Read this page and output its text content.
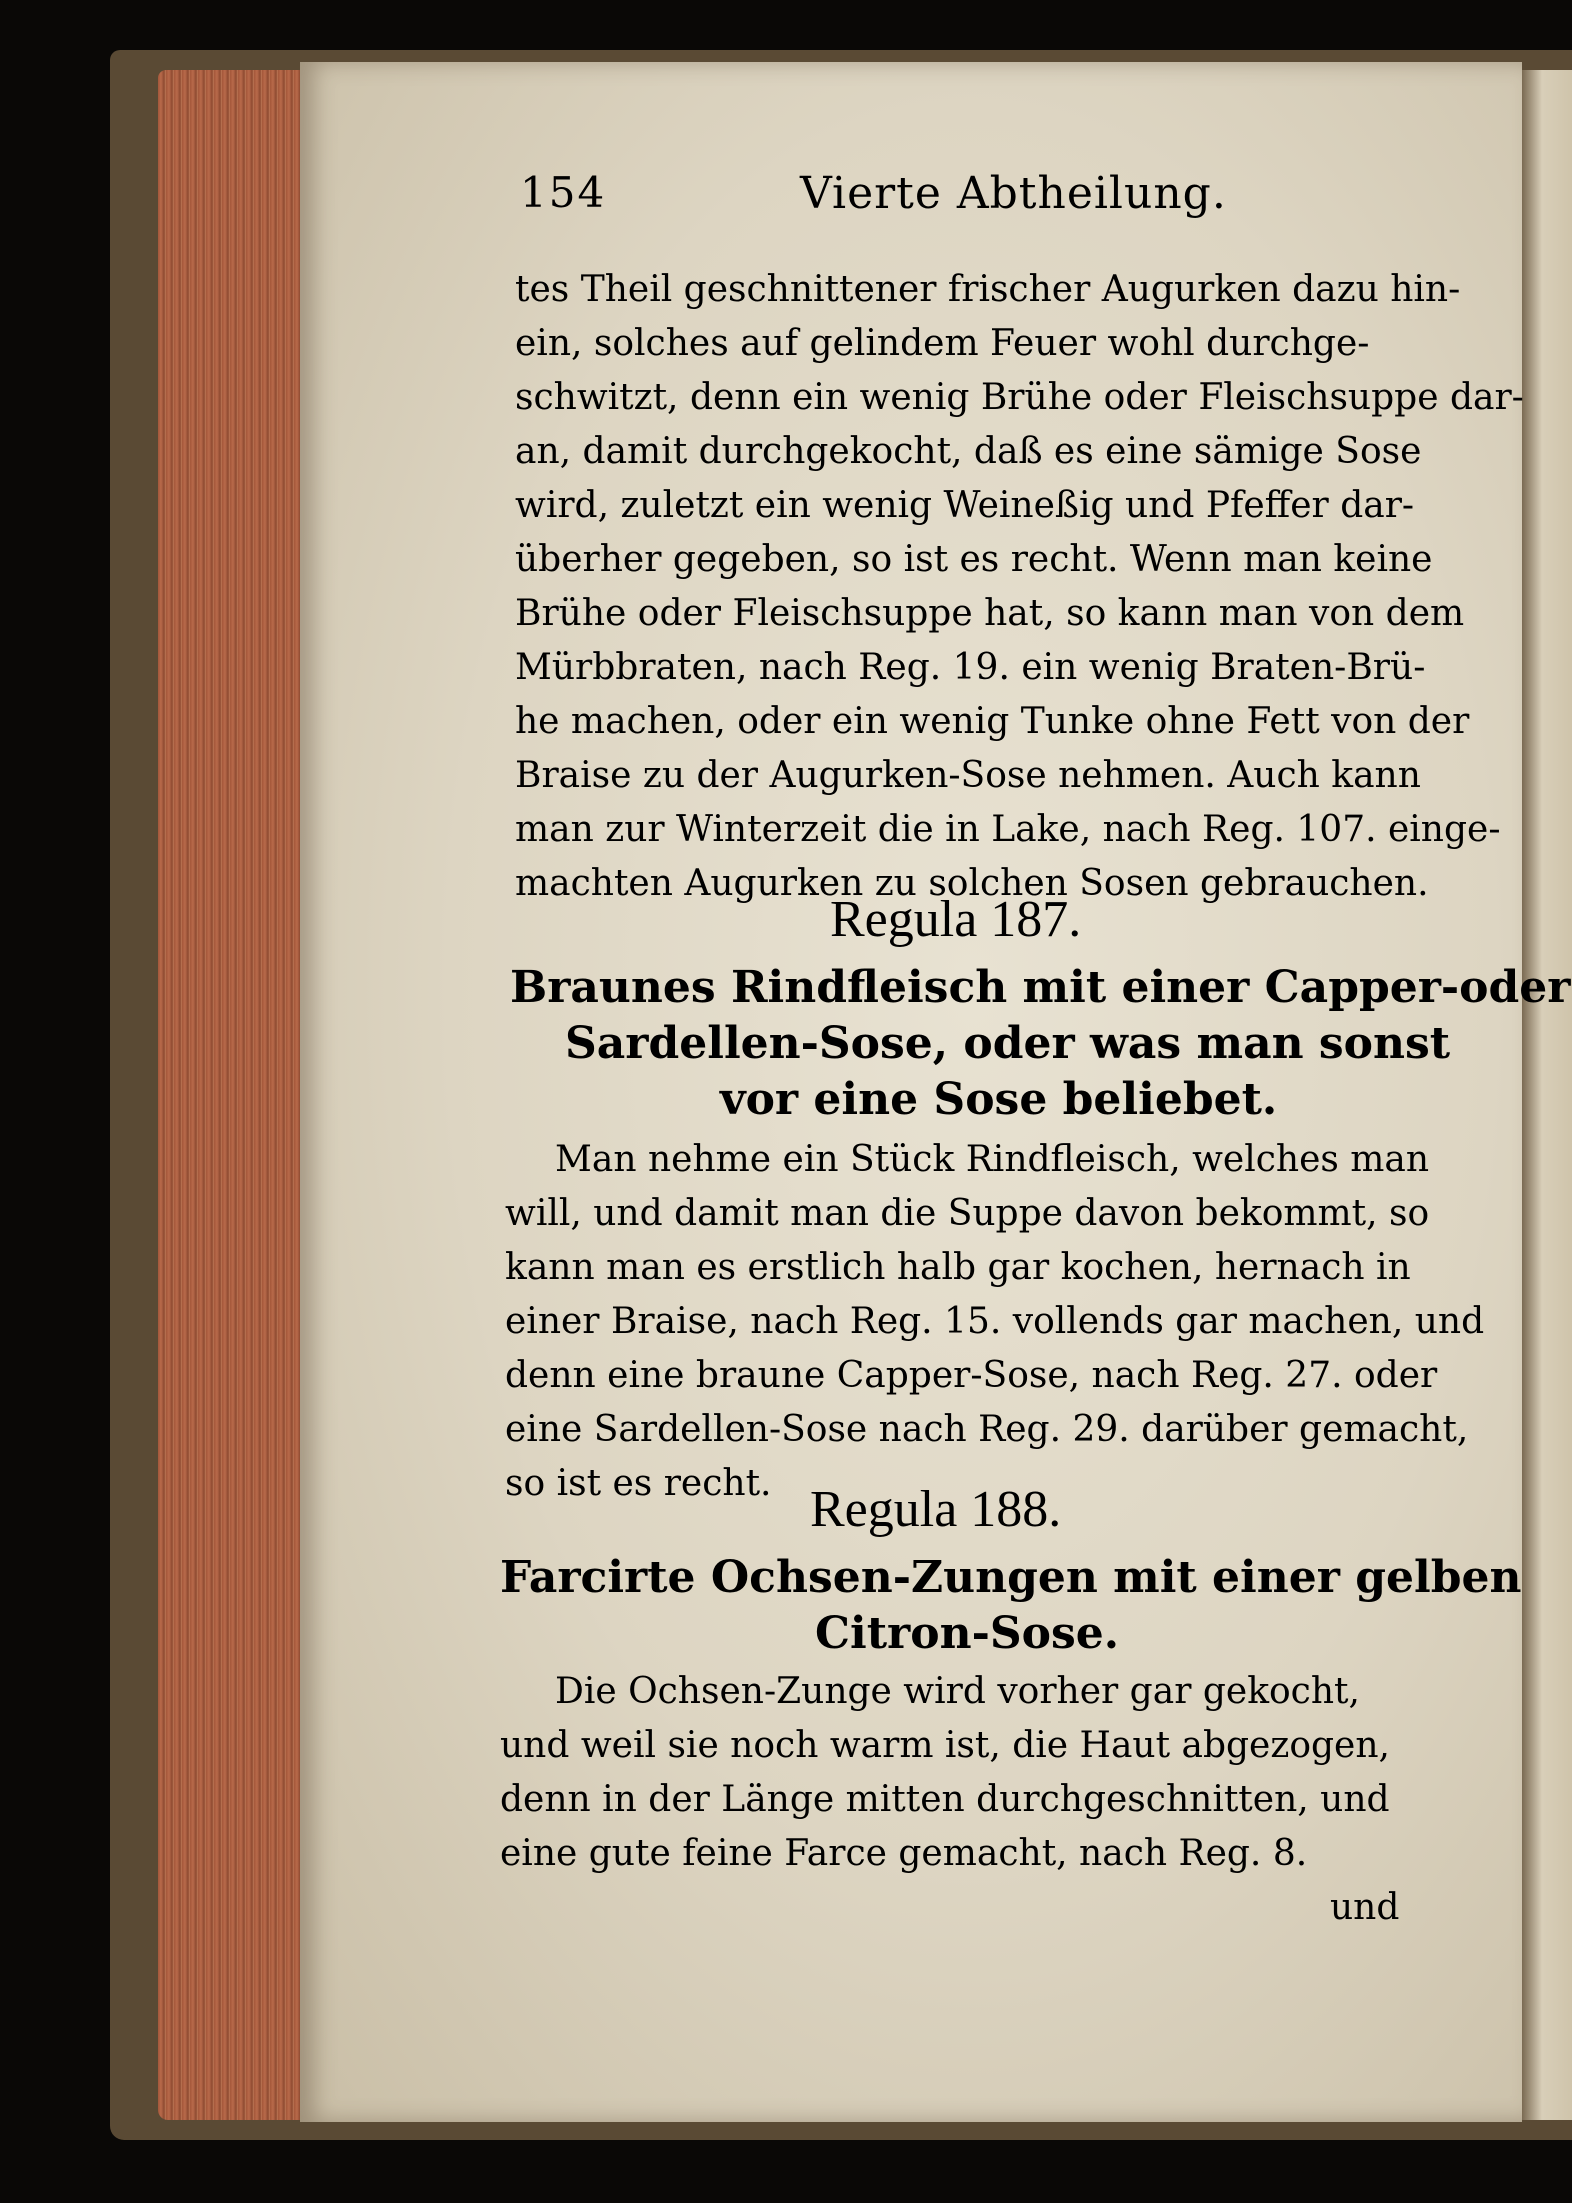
154	Vierte Abtheilung.
tes Theil geschnittener frischer Augurken dazu hin-
ein, solches auf gelindem Feuer wohl durchge-
schwitzt, denn ein wenig Brühe oder Fleischsuppe dar-
an, damit durchgekocht, daß es eine sämige Sose
wird, zuletzt ein wenig Weineßig und Pfeffer dar-
überher gegeben, so ist es recht. Wenn man keine
Brühe oder Fleischsuppe hat, so kann man von dem
Mürbbraten, nach Reg. 19. ein wenig Braten-Brü-
he machen, oder ein wenig Tunke ohne Fett von der
Braise zu der Augurken-Sose nehmen. Auch kann
man zur Winterzeit die in Lake, nach Reg. 107. einge-
machten Augurken zu solchen Sosen gebrauchen.
Regula 187.
Braunes Rindfleisch mit einer Capper-oder
Sardellen-Sose, oder was man sonst
vor eine Sose beliebet.
Man nehme ein Stück Rindfleisch, welches man
will, und damit man die Suppe davon bekommt, so
kann man es erstlich halb gar kochen, hernach in
einer Braise, nach Reg. 15. vollends gar machen, und
denn eine braune Capper-Sose, nach Reg. 27. oder
eine Sardellen-Sose nach Reg. 29. darüber gemacht,
so ist es recht. Regula 188.
Farcirte Ochsen-Zungen mit einer gelben
Citron-Sose.
Die Ochsen-Zunge wird vorher gar gekocht,
und weil sie noch warm ist, die Haut abgezogen,
denn in der Länge mitten durchgeschnitten, und
eine gute feine Farce gemacht, nach Reg. 8.
und
